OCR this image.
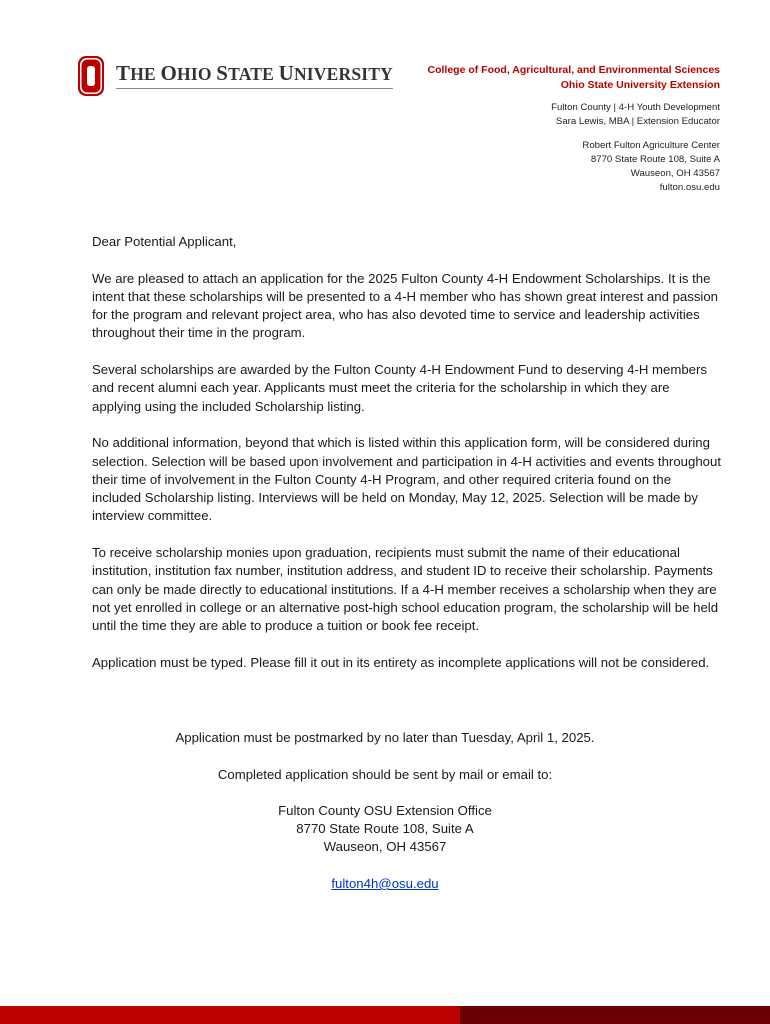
THE OHIO STATE UNIVERSITY	College of Food, Agricultural, and Environmental Sciences
Ohio State University Extension
Fulton County | 4-H Youth Development
Sara Lewis, MBA | Extension Educator
Robert Fulton Agriculture Center
8770 State Route 108, Suite A
Wauseon, OH 43567
fulton.osu.edu

Dear Potential Applicant,

We are pleased to attach an application for the 2025 Fulton County 4-H Endowment Scholarships. It is the intent that these scholarships will be presented to a 4-H member who has shown great interest and passion for the program and relevant project area, who has also devoted time to service and leadership activities throughout their time in the program.

Several scholarships are awarded by the Fulton County 4-H Endowment Fund to deserving 4-H members and recent alumni each year. Applicants must meet the criteria for the scholarship in which they are applying using the included Scholarship listing.

No additional information, beyond that which is listed within this application form, will be considered during selection. Selection will be based upon involvement and participation in 4-H activities and events throughout their time of involvement in the Fulton County 4-H Program, and other required criteria found on the included Scholarship listing. Interviews will be held on Monday, May 12, 2025. Selection will be made by interview committee.

To receive scholarship monies upon graduation, recipients must submit the name of their educational institution, institution fax number, institution address, and student ID to receive their scholarship. Payments can only be made directly to educational institutions. If a 4-H member receives a scholarship when they are not yet enrolled in college or an alternative post-high school education program, the scholarship will be held until the time they are able to produce a tuition or book fee receipt.

Application must be typed. Please fill it out in its entirety as incomplete applications will not be considered.

Application must be postmarked by no later than Tuesday, April 1, 2025.
Completed application should be sent by mail or email to:
Fulton County OSU Extension Office
8770 State Route 108, Suite A
Wauseon, OH 43567
fulton4h@osu.edu
